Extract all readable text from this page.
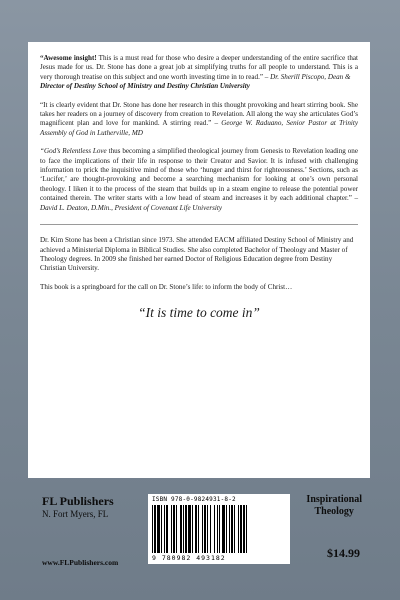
“Awesome insight! This is a must read for those who desire a deeper understanding of the entire sacrifice that Jesus made for us. Dr. Stone has done a great job at simplifying truths for all people to understand. This is a very thorough treatise on this subject and one worth investing time in to read.” – Dr. Sherill Piscopo, Dean &
Director of Destiny School of Ministry and Destiny Christian University

“It is clearly evident that Dr. Stone has done her research in this thought provoking and heart stirring book. She takes her readers on a journey of discovery from creation to Revelation. All along the way she articulates God’s magnificent plan and love for mankind. A stirring read.” – George W. Raduano, Senior Pastor at Trinity Assembly of God in Lutherville, MD

“God’s Relentless Love thus becoming a simplified theological journey from Genesis to Revelation leading one to face the implications of their life in response to their Creator and Savior. It is infused with challenging information to prick the inquisitive mind of those who ‘hunger and thirst for righteousness.’ Sections, such as ‘Lucifer,’ are thought-provoking and become a searching mechanism for looking at one’s own personal theology. I liken it to the process of the steam that builds up in a steam engine to release the potential power contained therein. The writer starts with a low head of steam and increases it by each additional chapter.” – David L. Deaton, D.Min., President of Covenant Life University

Dr. Kim Stone has been a Christian since 1973. She attended EACM affiliated Destiny School of Ministry and achieved a Ministerial Diploma in Biblical Studies. She also completed Bachelor of Theology and Master of Theology degrees. In 2009 she finished her earned Doctor of Religious Education degree from Destiny Christian University.

This book is a springboard for the call on Dr. Stone’s life: to inform the body of Christ…

“It is time to come in”
FL Publishers
N. Fort Myers, FL
www.FLPublishers.com
ISBN 978-0-9824931-8-2
9 780982 493182
Inspirational
Theology
$14.99
